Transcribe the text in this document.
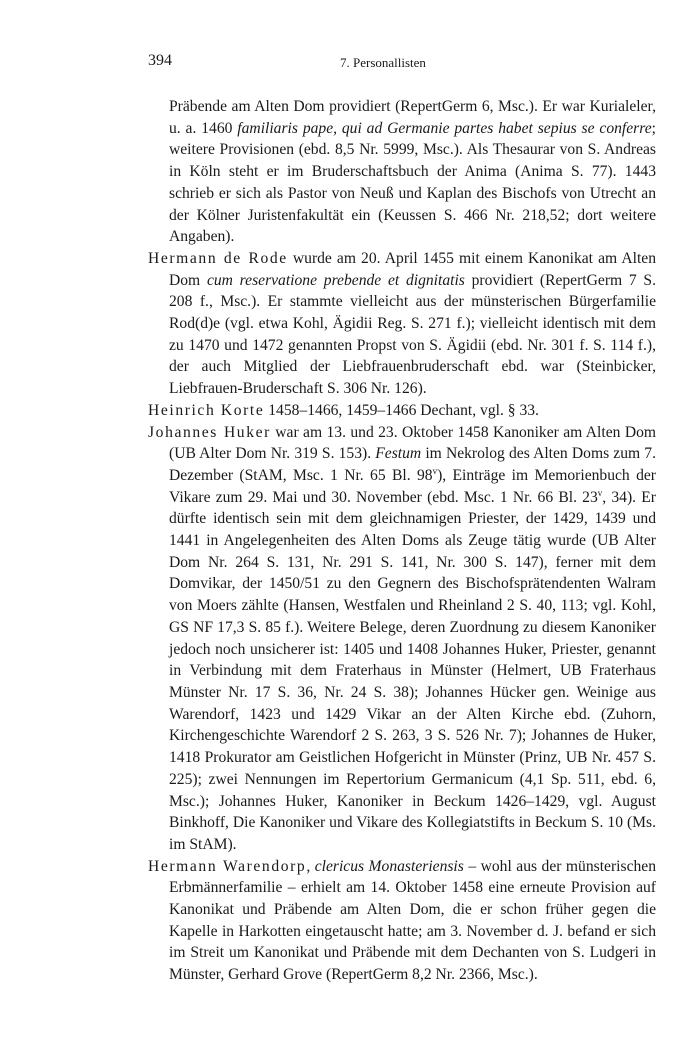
394	7. Personallisten

Präbende am Alten Dom providiert (RepertGerm 6, Msc.). Er war Kurialeler, u. a. 1460 familiaris pape, qui ad Germanie partes habet sepius se conferre; weitere Provisionen (ebd. 8,5 Nr. 5999, Msc.). Als Thesaurar von S. Andreas in Köln steht er im Bruderschaftsbuch der Anima (Anima S. 77). 1443 schrieb er sich als Pastor von Neuß und Kaplan des Bischofs von Utrecht an der Kölner Juristenfakultät ein (Keussen S. 466 Nr. 218,52; dort weitere Angaben).

Hermann de Rode wurde am 20. April 1455 mit einem Kanonikat am Alten Dom cum reservatione prebende et dignitatis providiert (RepertGerm 7 S. 208 f., Msc.). Er stammte vielleicht aus der münsterischen Bürgerfamilie Rod(d)e (vgl. etwa Kohl, Ägidii Reg. S. 271 f.); vielleicht identisch mit dem zu 1470 und 1472 genannten Propst von S. Ägidii (ebd. Nr. 301 f. S. 114 f.), der auch Mitglied der Liebfrauenbruderschaft ebd. war (Steinbicker, Liebfrauen-Bruderschaft S. 306 Nr. 126).

Heinrich Korte 1458–1466, 1459–1466 Dechant, vgl. § 33.

Johannes Huker war am 13. und 23. Oktober 1458 Kanoniker am Alten Dom (UB Alter Dom Nr. 319 S. 153). Festum im Nekrolog des Alten Doms zum 7. Dezember (StAM, Msc. 1 Nr. 65 Bl. 98$^v$), Einträge im Memorienbuch der Vikare zum 29. Mai und 30. November (ebd. Msc. 1 Nr. 66 Bl. 23$^v$, 34). Er dürfte identisch sein mit dem gleichnamigen Priester, der 1429, 1439 und 1441 in Angelegenheiten des Alten Doms als Zeuge tätig wurde (UB Alter Dom Nr. 264 S. 131, Nr. 291 S. 141, Nr. 300 S. 147), ferner mit dem Domvikar, der 1450/51 zu den Gegnern des Bischofsprätendenten Walram von Moers zählte (Hansen, Westfalen und Rheinland 2 S. 40, 113; vgl. Kohl, GS NF 17,3 S. 85 f.). Weitere Belege, deren Zuordnung zu diesem Kanoniker jedoch noch unsicherer ist: 1405 und 1408 Johannes Huker, Priester, genannt in Verbindung mit dem Fraterhaus in Münster (Helmert, UB Fraterhaus Münster Nr. 17 S. 36, Nr. 24 S. 38); Johannes Hücker gen. Weinige aus Warendorf, 1423 und 1429 Vikar an der Alten Kirche ebd. (Zuhorn, Kirchengeschichte Warendorf 2 S. 263, 3 S. 526 Nr. 7); Johannes de Huker, 1418 Prokurator am Geistlichen Hofgericht in Münster (Prinz, UB Nr. 457 S. 225); zwei Nennungen im Repertorium Germanicum (4,1 Sp. 511, ebd. 6, Msc.); Johannes Huker, Kanoniker in Beckum 1426–1429, vgl. August Binkhoff, Die Kanoniker und Vikare des Kollegiatstifts in Beckum S. 10 (Ms. im StAM).

Hermann Warendorp, clericus Monasteriensis – wohl aus der münsterischen Erbmännerfamilie – erhielt am 14. Oktober 1458 eine erneute Provision auf Kanonikat und Präbende am Alten Dom, die er schon früher gegen die Kapelle in Harkotten eingetauscht hatte; am 3. November d. J. befand er sich im Streit um Kanonikat und Präbende mit dem Dechanten von S. Ludgeri in Münster, Gerhard Grove (RepertGerm 8,2 Nr. 2366, Msc.).
